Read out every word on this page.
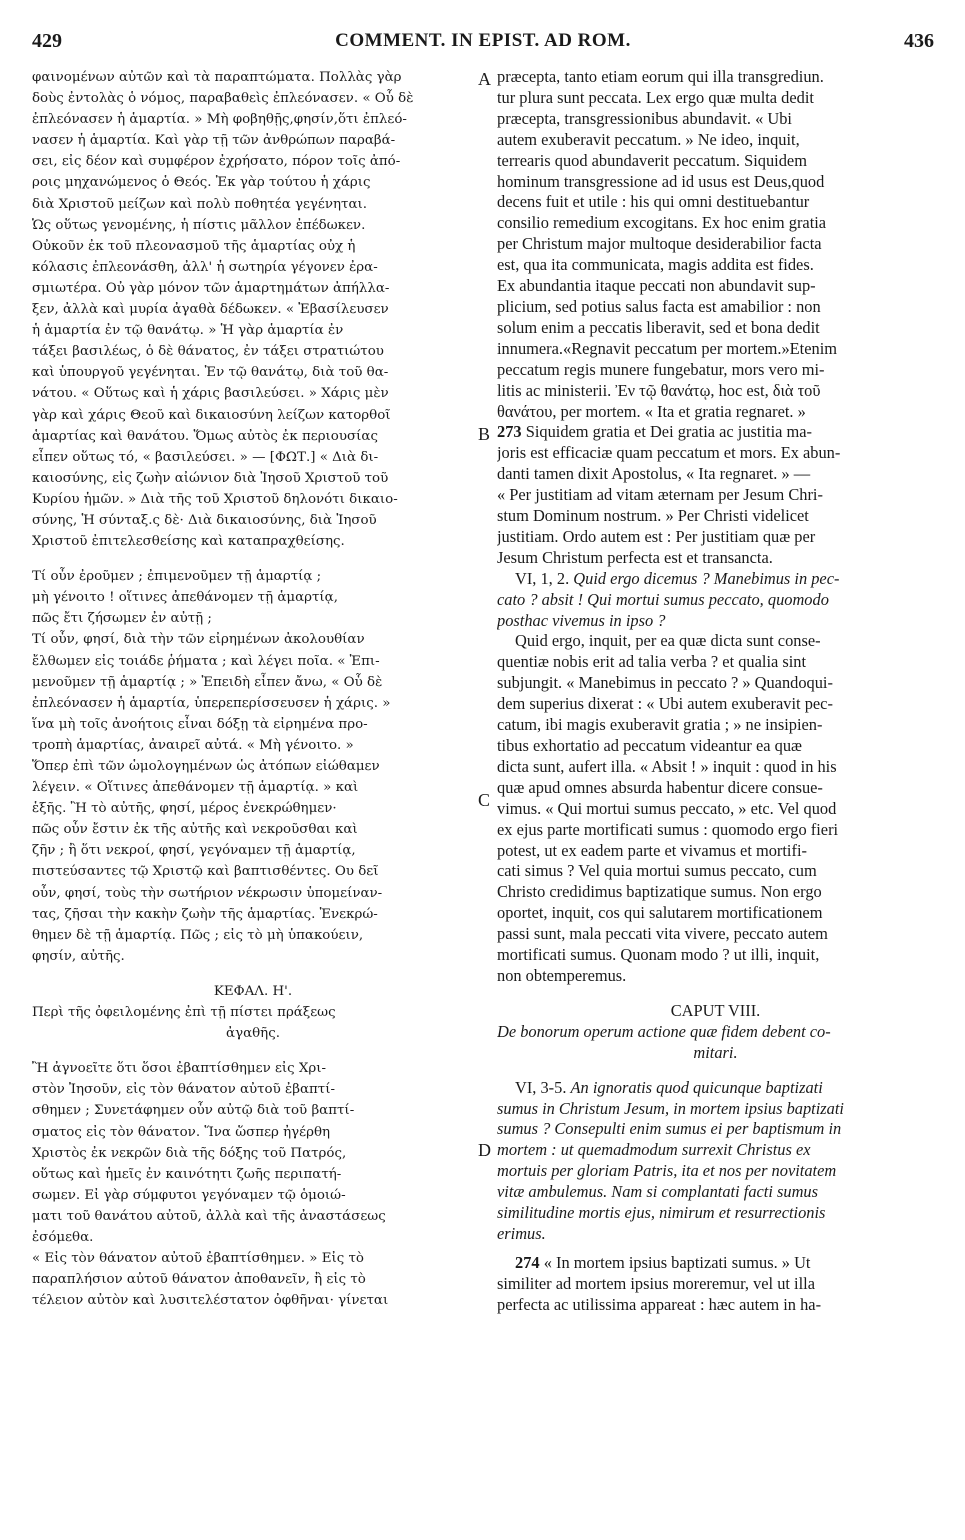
429	COMMENT. IN EPIST. AD ROM.	436
A
B
C
D
φαινομένων αὐτῶν καὶ τὰ παραπτώματα. Πολλὰς γὰρ
δοὺς ἐντολὰς ὁ νόμος, παραβαθεὶς ἐπλεόνασεν. « Οὗ δὲ
ἐπλεόνασεν ἡ ἁμαρτία. » Μὴ φοβηθῇς,φησίν,ὅτι ἐπλεό-
νασεν ἡ ἁμαρτία. Καὶ γὰρ τῇ τῶν ἀνθρώπων παραβά-
σει, εἰς δέον καὶ συμφέρον ἐχρήσατο, πόρον τοῖς ἀπό-
ροις μηχανώμενος ὁ Θεός. Ἐκ γὰρ τούτου ἡ χάρις
διὰ Χριστοῦ μείζων καὶ πολὺ ποθητέα γεγένηται.
Ὡς οὕτως γενομένης, ἡ πίστις μᾶλλον ἐπέδωκεν.
Οὐκοῦν ἐκ τοῦ πλεονασμοῦ τῆς ἁμαρτίας οὐχ ἡ
κόλασις ἐπλεονάσθη, ἀλλ' ἡ σωτηρία γέγονεν ἐρα-
σμιωτέρα. Οὐ γὰρ μόνον τῶν ἁμαρτημάτων ἀπήλλα-
ξεν, ἀλλὰ καὶ μυρία ἀγαθὰ δέδωκεν. « Ἐβασίλευσεν
ἡ ἁμαρτία ἐν τῷ θανάτῳ. » Ἡ γὰρ ἁμαρτία ἐν
τάξει βασιλέως, ὁ δὲ θάνατος, ἐν τάξει στρατιώτου
καὶ ὑπουργοῦ γεγένηται. Ἐν τῷ θανάτῳ, διὰ τοῦ θα-
νάτου. « Οὕτως καὶ ἡ χάρις βασιλεύσει. » Χάρις μὲν
γὰρ καὶ χάρις Θεοῦ καὶ δικαιοσύνη λείζων κατορθοῖ
ἁμαρτίας καὶ θανάτου. Ὅμως αὐτὸς ἐκ περιουσίας
εἶπεν οὕτως τό, « βασιλεύσει. » — [ΦΩΤ.] « Διὰ δι-
καιοσύνης, εἰς ζωὴν αἰώνιον διὰ Ἰησοῦ Χριστοῦ τοῦ
Κυρίου ἡμῶν. » Διὰ τῆς τοῦ Χριστοῦ δηλονότι δικαιο-
σύνης, Ἡ σύνταξ.ς δὲ· Διὰ δικαιοσύνης, διὰ Ἰησοῦ
Χριστοῦ ἐπιτελεσθείσης καὶ καταπραχθείσης.
Τί οὖν ἐροῦμεν ; ἐπιμενοῦμεν τῇ ἁμαρτίᾳ ;
μὴ γένοιτο ! οἵτινες ἀπεθάνομεν τῇ ἁμαρτίᾳ,
πῶς ἔτι ζήσωμεν ἐν αὐτῇ ;
Τί οὖν, φησί, διὰ τὴν τῶν εἰρημένων ἀκολουθίαν
ἔλθωμεν εἰς τοιάδε ῥήματα ; καὶ λέγει ποῖα. « Ἐπι-
μενοῦμεν τῇ ἁμαρτίᾳ ; » Ἐπειδὴ εἶπεν ἄνω, « Οὗ δὲ
ἐπλεόνασεν ἡ ἁμαρτία, ὑπερεπερίσσευσεν ἡ χάρις. »
ἵνα μὴ τοῖς ἀνοήτοις εἶναι δόξῃ τὰ εἰρημένα προ-
τροπὴ ἁμαρτίας, ἀναιρεῖ αὐτά. « Μὴ γένοιτο. »
Ὅπερ ἐπὶ τῶν ὡμολογημένων ὡς ἀτόπων εἰώθαμεν
λέγειν. « Οἵτινες ἀπεθάνομεν τῇ ἁμαρτίᾳ. » καὶ
ἑξῆς. Ἢ τὸ αὐτῆς, φησί, μέρος ἐνεκρώθημεν·
πῶς οὖν ἔστιν ἐκ τῆς αὐτῆς καὶ νεκροῦσθαι καὶ
ζῆν ; ἢ ὅτι νεκροί, φησί, γεγόναμεν τῇ ἁμαρτίᾳ,
πιστεύσαντες τῷ Χριστῷ καὶ βαπτισθέντες. Ου δεῖ
οὖν, φησί, τοὺς τὴν σωτήριον νέκρωσιν ὑπομείναν-
τας, ζῆσαι τὴν κακὴν ζωὴν τῆς ἁμαρτίας. Ἐνεκρώ-
θημεν δὲ τῇ ἁμαρτίᾳ. Πῶς ; εἰς τὸ μὴ ὑπακούειν,
φησίν, αὐτῆς.
ΚΕΦΑΛ. Η'.
Περὶ τῆς ὀφειλομένης ἐπὶ τῇ πίστει πράξεως
ἀγαθῆς.
Ἢ ἀγνοεῖτε ὅτι ὅσοι ἐβαπτίσθημεν εἰς Χρι-
στὸν Ἰησοῦν, εἰς τὸν θάνατον αὐτοῦ ἐβαπτί-
σθημεν ; Συνετάφημεν οὖν αὐτῷ διὰ τοῦ βαπτί-
σματος εἰς τὸν θάνατον. Ἵνα ὥσπερ ἠγέρθη
Χριστὸς ἐκ νεκρῶν διὰ τῆς δόξης τοῦ Πατρός,
οὕτως καὶ ἡμεῖς ἐν καινότητι ζωῆς περιπατή-
σωμεν. Εἰ γὰρ σύμφυτοι γεγόναμεν τῷ ὁμοιώ-
ματι τοῦ θανάτου αὐτοῦ, ἀλλὰ καὶ τῆς ἀναστάσεως
ἐσόμεθα.
« Εἰς τὸν θάνατον αὐτοῦ ἐβαπτίσθημεν. » Εἰς τὸ
παραπλήσιον αὐτοῦ θάνατον ἀποθανεῖν, ἢ εἰς τὸ
τέλειον αὐτὸν καὶ λυσιτελέστατον ὀφθῆναι· γίνεται
præcepta, tanto etiam eorum qui illa transgrediun.
tur plura sunt peccata. Lex ergo quæ multa dedit
præcepta, transgressionibus abundavit. « Ubi
autem exuberavit peccatum. » Ne ideo, inquit,
terrearis quod abundaverit peccatum. Siquidem
hominum transgressione ad id usus est Deus,quod
decens fuit et utile : his qui omni destituebantur
consilio remedium excogitans. Ex hoc enim gratia
per Christum major multoque desiderabilior facta
est, qua ita communicata, magis addita est fides.
Ex abundantia itaque peccati non abundavit sup-
plicium, sed potius salus facta est amabilior : non
solum enim a peccatis liberavit, sed et bona dedit
innumera.«Regnavit peccatum per mortem.»Etenim
peccatum regis munere fungebatur, mors vero mi-
litis ac ministerii. Ἐν τῷ θανάτῳ, hoc est, διὰ τοῦ
θανάτου, per mortem. « Ita et gratia regnaret. »
273 Siquidem gratia et Dei gratia ac justitia ma-
joris est efficaciæ quam peccatum et mors. Ex abun-
danti tamen dixit Apostolus, « Ita regnaret. » —
« Per justitiam ad vitam æternam per Jesum Chri-
stum Dominum nostrum. » Per Christi videlicet
justitiam. Ordo autem est : Per justitiam quæ per
Jesum Christum perfecta est et transancta.
VI, 1, 2. Quid ergo dicemus ? Manebimus in pec-
cato ? absit ! Qui mortui sumus peccato, quomodo
posthac vivemus in ipso ?
Quid ergo, inquit, per ea quæ dicta sunt conse-
quentiæ nobis erit ad talia verba ? et qualia sint
subjungit. « Manebimus in peccato ? » Quandoqui-
dem superius dixerat : « Ubi autem exuberavit pec-
catum, ibi magis exuberavit gratia ; » ne insipien-
tibus exhortatio ad peccatum videantur ea quæ
dicta sunt, aufert illa. « Absit ! » inquit : quod in his
quæ apud omnes absurda habentur dicere consue-
vimus. « Qui mortui sumus peccato, » etc. Vel quod
ex ejus parte mortificati sumus : quomodo ergo fieri
potest, ut ex eadem parte et vivamus et mortifi-
cati simus ? Vel quia mortui sumus peccato, cum
Christo credidimus baptizatique sumus. Non ergo
oportet, inquit, cos qui salutarem mortificationem
passi sunt, mala peccati vita vivere, peccato autem
mortificati sumus. Quonam modo ? ut illi, inquit,
non obtemperemus.
CAPUT VIII.
De bonorum operum actione quæ fidem debent co-
mitari.
VI, 3-5. An ignoratis quod quicunque baptizati
sumus in Christum Jesum, in mortem ipsius baptizati
sumus ? Consepulti enim sumus ei per baptismum in
mortem : ut quemadmodum surrexit Christus ex
mortuis per gloriam Patris, ita et nos per novitatem
vitæ ambulemus. Nam si complantati facti sumus
similitudine mortis ejus, nimirum et resurrectionis
erimus.
274 « In mortem ipsius baptizati sumus. » Ut
similiter ad mortem ipsius moreremur, vel ut illa
perfecta ac utilissima appareat : hæc autem in ha-
